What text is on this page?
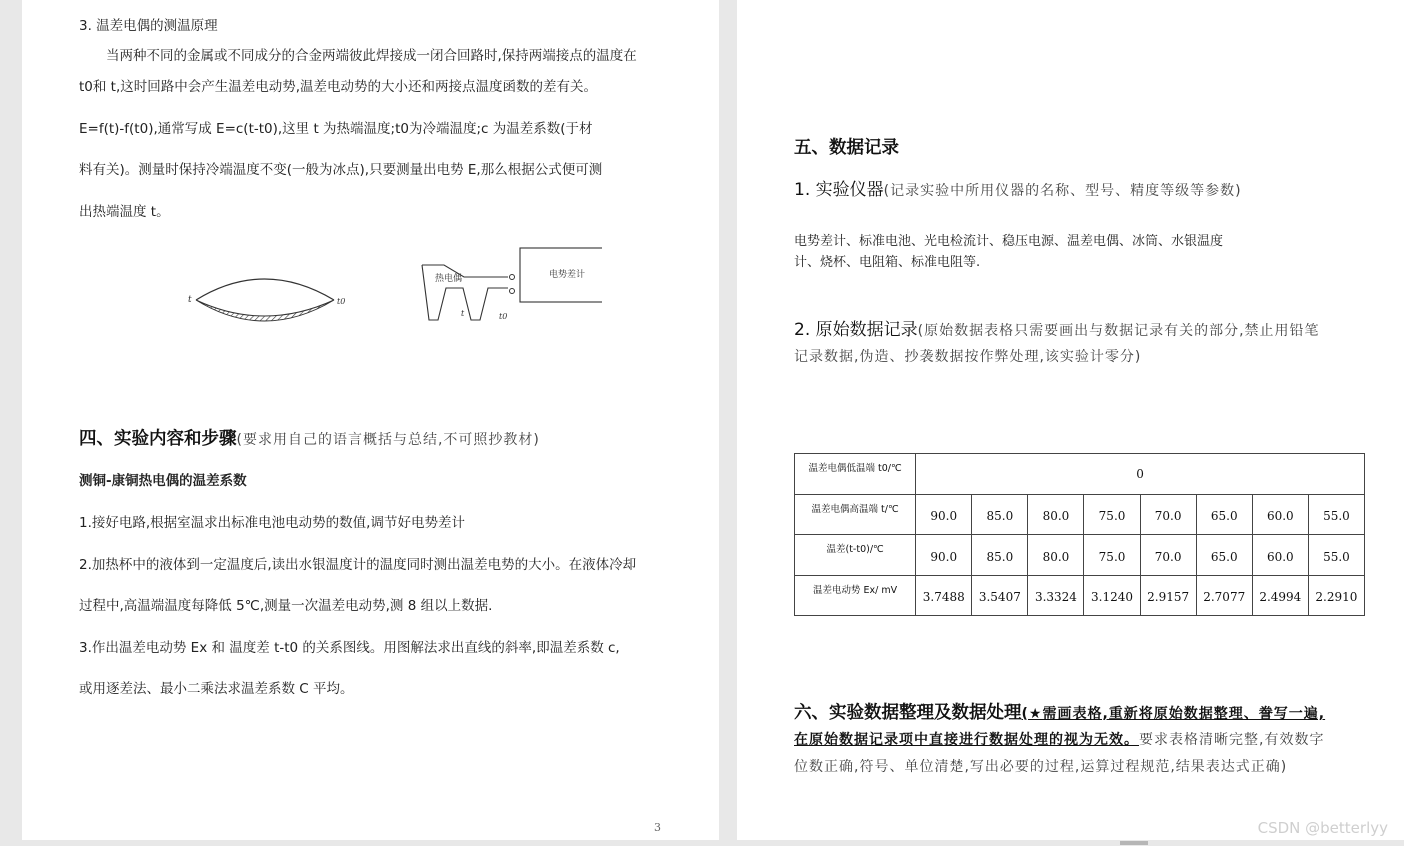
3. 温差电偶的测温原理
当两种不同的金属或不同成分的合金两端彼此焊接成一闭合回路时,保持两端接点的温度在
t0和 t,这时回路中会产生温差电动势,温差电动势的大小还和两接点温度函数的差有关。
E=f(t)-f(t0),通常写成 E=c(t-t0),这里 t 为热端温度;t0为冷端温度;c 为温差系数(于材
料有关)。测量时保持冷端温度不变(一般为冰点),只要测量出电势 E,那么根据公式便可测
出热端温度 t。
t	t0
热电偶	电势差计
t	t0
四、实验内容和步骤(要求用自己的语言概括与总结,不可照抄教材)
测铜-康铜热电偶的温差系数
1.接好电路,根据室温求出标准电池电动势的数值,调节好电势差计
2.加热杯中的液体到一定温度后,读出水银温度计的温度同时测出温差电势的大小。在液体冷却
过程中,高温端温度每降低 5℃,测量一次温差电动势,测 8 组以上数据.
3.作出温差电动势 Ex 和 温度差 t-t0 的关系图线。用图解法求出直线的斜率,即温差系数 c,
或用逐差法、最小二乘法求温差系数 C 平均。
3
五、数据记录
1. 实验仪器(记录实验中所用仪器的名称、型号、精度等级等参数)
电势差计、标准电池、光电检流计、稳压电源、温差电偶、冰筒、水银温度
计、烧杯、电阻箱、标准电阻等.
2. 原始数据记录(原始数据表格只需要画出与数据记录有关的部分,禁止用铅笔
记录数据,伪造、抄袭数据按作弊处理,该实验计零分)
温差电偶低温端 t0/℃	0							
温差电偶高温端 t/℃	90.0	85.0	80.0	75.0	70.0	65.0	60.0	55.0
温差(t-t0)/℃	90.0	85.0	80.0	75.0	70.0	65.0	60.0	55.0
温差电动势 Ex/ mV	3.7488	3.5407	3.3324	3.1240	2.9157	2.7077	2.4994	2.2910
六、实验数据整理及数据处理(★需画表格,重新将原始数据整理、誊写一遍,
在原始数据记录项中直接进行数据处理的视为无效。要求表格清晰完整,有效数字
位数正确,符号、单位清楚,写出必要的过程,运算过程规范,结果表达式正确)
CSDN @betterlyy
